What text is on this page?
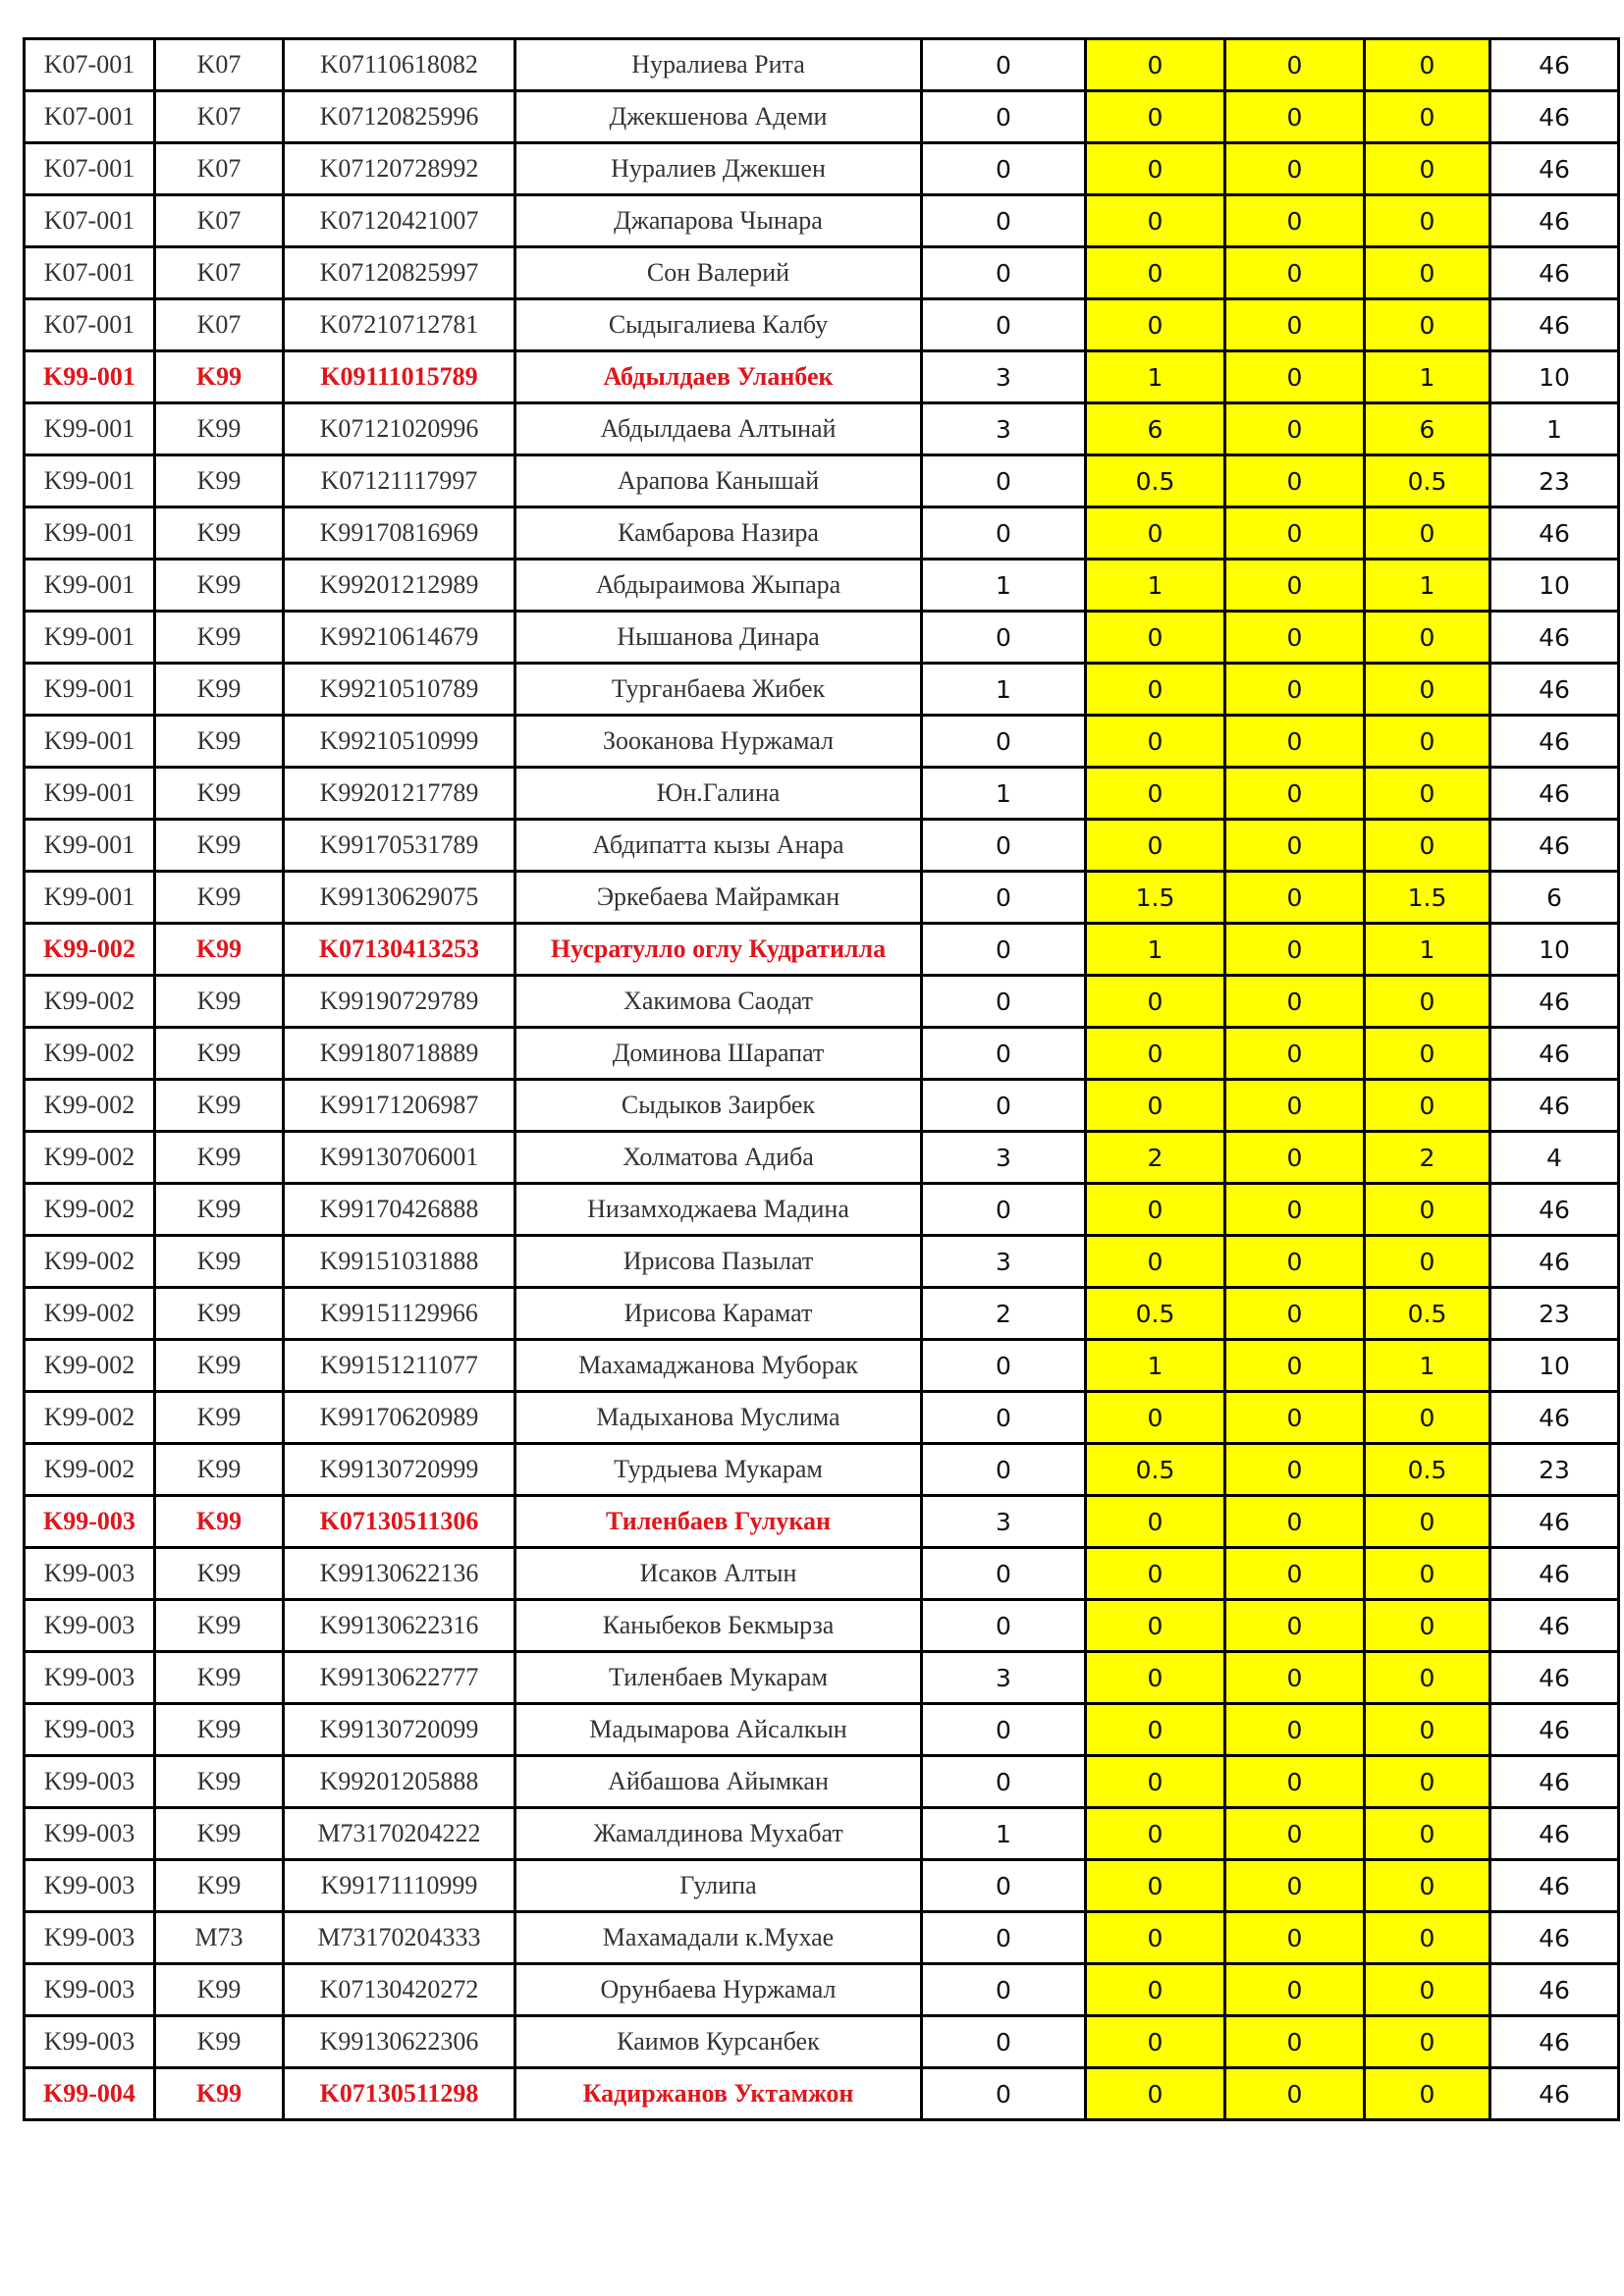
K07-001	K07	K07110618082	Нуралиева Рита	0	0	0	0	46
K07-001	K07	K07120825996	Джекшенова Адеми	0	0	0	0	46
K07-001	K07	K07120728992	Нуралиев Джекшен	0	0	0	0	46
K07-001	K07	K07120421007	Джапарова Чынара	0	0	0	0	46
K07-001	K07	K07120825997	Сон Валерий	0	0	0	0	46
K07-001	K07	K07210712781	Сыдыгалиева Калбу	0	0	0	0	46
K99-001	K99	K09111015789	Абдылдаев Уланбек	3	1	0	1	10
K99-001	K99	K07121020996	Абдылдаева Алтынай	3	6	0	6	1
K99-001	K99	K07121117997	Арапова Канышай	0	0.5	0	0.5	23
K99-001	K99	K99170816969	Камбарова Назира	0	0	0	0	46
K99-001	K99	K99201212989	Абдыраимова Жыпара	1	1	0	1	10
K99-001	K99	K99210614679	Нышанова Динара	0	0	0	0	46
K99-001	K99	K99210510789	Турганбаева Жибек	1	0	0	0	46
K99-001	K99	K99210510999	Зооканова Нуржамал	0	0	0	0	46
K99-001	K99	K99201217789	Юн.Галина	1	0	0	0	46
K99-001	K99	K99170531789	Абдипатта кызы Анара	0	0	0	0	46
K99-001	K99	K99130629075	Эркебаева Майрамкан	0	1.5	0	1.5	6
K99-002	K99	K07130413253	Нусратулло оглу Кудратилла	0	1	0	1	10
K99-002	K99	K99190729789	Хакимова Саодат	0	0	0	0	46
K99-002	K99	K99180718889	Доминова Шарапат	0	0	0	0	46
K99-002	K99	K99171206987	Сыдыков Заирбек	0	0	0	0	46
K99-002	K99	K99130706001	Холматова Адиба	3	2	0	2	4
K99-002	K99	K99170426888	Низамходжаева Мадина	0	0	0	0	46
K99-002	K99	K99151031888	Ирисова Пазылат	3	0	0	0	46
K99-002	K99	K99151129966	Ирисова Карамат	2	0.5	0	0.5	23
K99-002	K99	K99151211077	Махамаджанова Муборак	0	1	0	1	10
K99-002	K99	K99170620989	Мадыханова Муслима	0	0	0	0	46
K99-002	K99	K99130720999	Турдыева Мукарам	0	0.5	0	0.5	23
K99-003	K99	K07130511306	Тиленбаев Гулукан	3	0	0	0	46
K99-003	K99	K99130622136	Исаков Алтын	0	0	0	0	46
K99-003	K99	K99130622316	Каныбеков Бекмырза	0	0	0	0	46
K99-003	K99	K99130622777	Тиленбаев Мукарам	3	0	0	0	46
K99-003	K99	K99130720099	Мадымарова Айсалкын	0	0	0	0	46
K99-003	K99	K99201205888	Айбашова Айымкан	0	0	0	0	46
K99-003	K99	M73170204222	Жамалдинова Мухабат	1	0	0	0	46
K99-003	K99	K99171110999	Гулипа	0	0	0	0	46
K99-003	M73	M73170204333	Махамадали к.Мухае	0	0	0	0	46
K99-003	K99	K07130420272	Орунбаева Нуржамал	0	0	0	0	46
K99-003	K99	K99130622306	Каимов Курсанбек	0	0	0	0	46
K99-004	K99	K07130511298	Кадиржанов Уктамжон	0	0	0	0	46
